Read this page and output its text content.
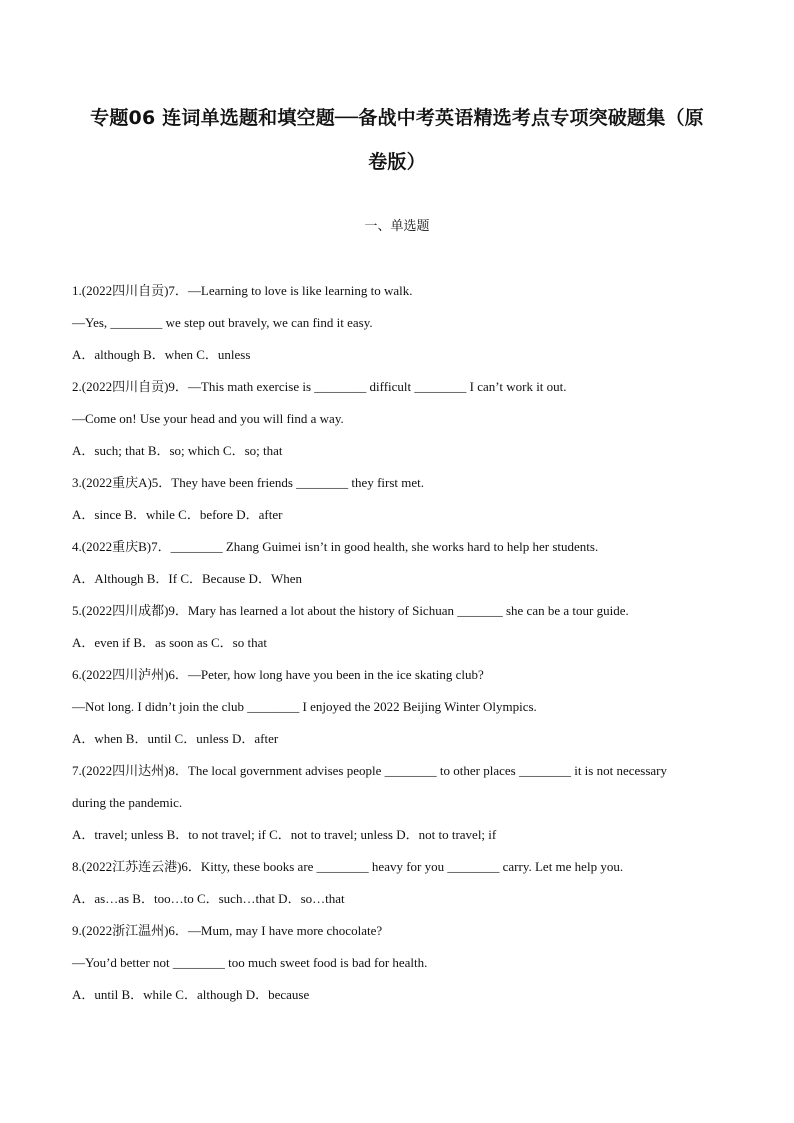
专题06 连词单选题和填空题──备战中考英语精选考点专项突破题集（原
卷版）
一、单选题
1.(2022四川自贡)7．—Learning to love is like learning to walk.
—Yes, ________ we step out bravely, we can find it easy.
A．although B．when C．unless
2.(2022四川自贡)9．—This math exercise is ________ difficult ________ I can’t work it out.
—Come on! Use your head and you will find a way.
A．such; that B．so; which C．so; that
3.(2022重庆A)5．They have been friends ________ they first met.
A．since B．while C．before D．after
4.(2022重庆B)7．________ Zhang Guimei isn’t in good health, she works hard to help her students.
A．Although B．If C．Because D．When
5.(2022四川成都)9．Mary has learned a lot about the history of Sichuan _______ she can be a tour guide.
A．even if B．as soon as C．so that
6.(2022四川泸州)6．—Peter, how long have you been in the ice skating club?
—Not long. I didn’t join the club ________ I enjoyed the 2022 Beijing Winter Olympics.
A．when B．until C．unless D．after
7.(2022四川达州)8．The local government advises people ________ to other places ________ it is not necessary
during the pandemic.
A．travel; unless B．to not travel; if C．not to travel; unless D．not to travel; if
8.(2022江苏连云港)6．Kitty, these books are ________ heavy for you ________ carry. Let me help you.
A．as…as B．too…to C．such…that D．so…that
9.(2022浙江温州)6．—Mum, may I have more chocolate?
—You’d better not ________ too much sweet food is bad for health.
A．until B．while C．although D．because
